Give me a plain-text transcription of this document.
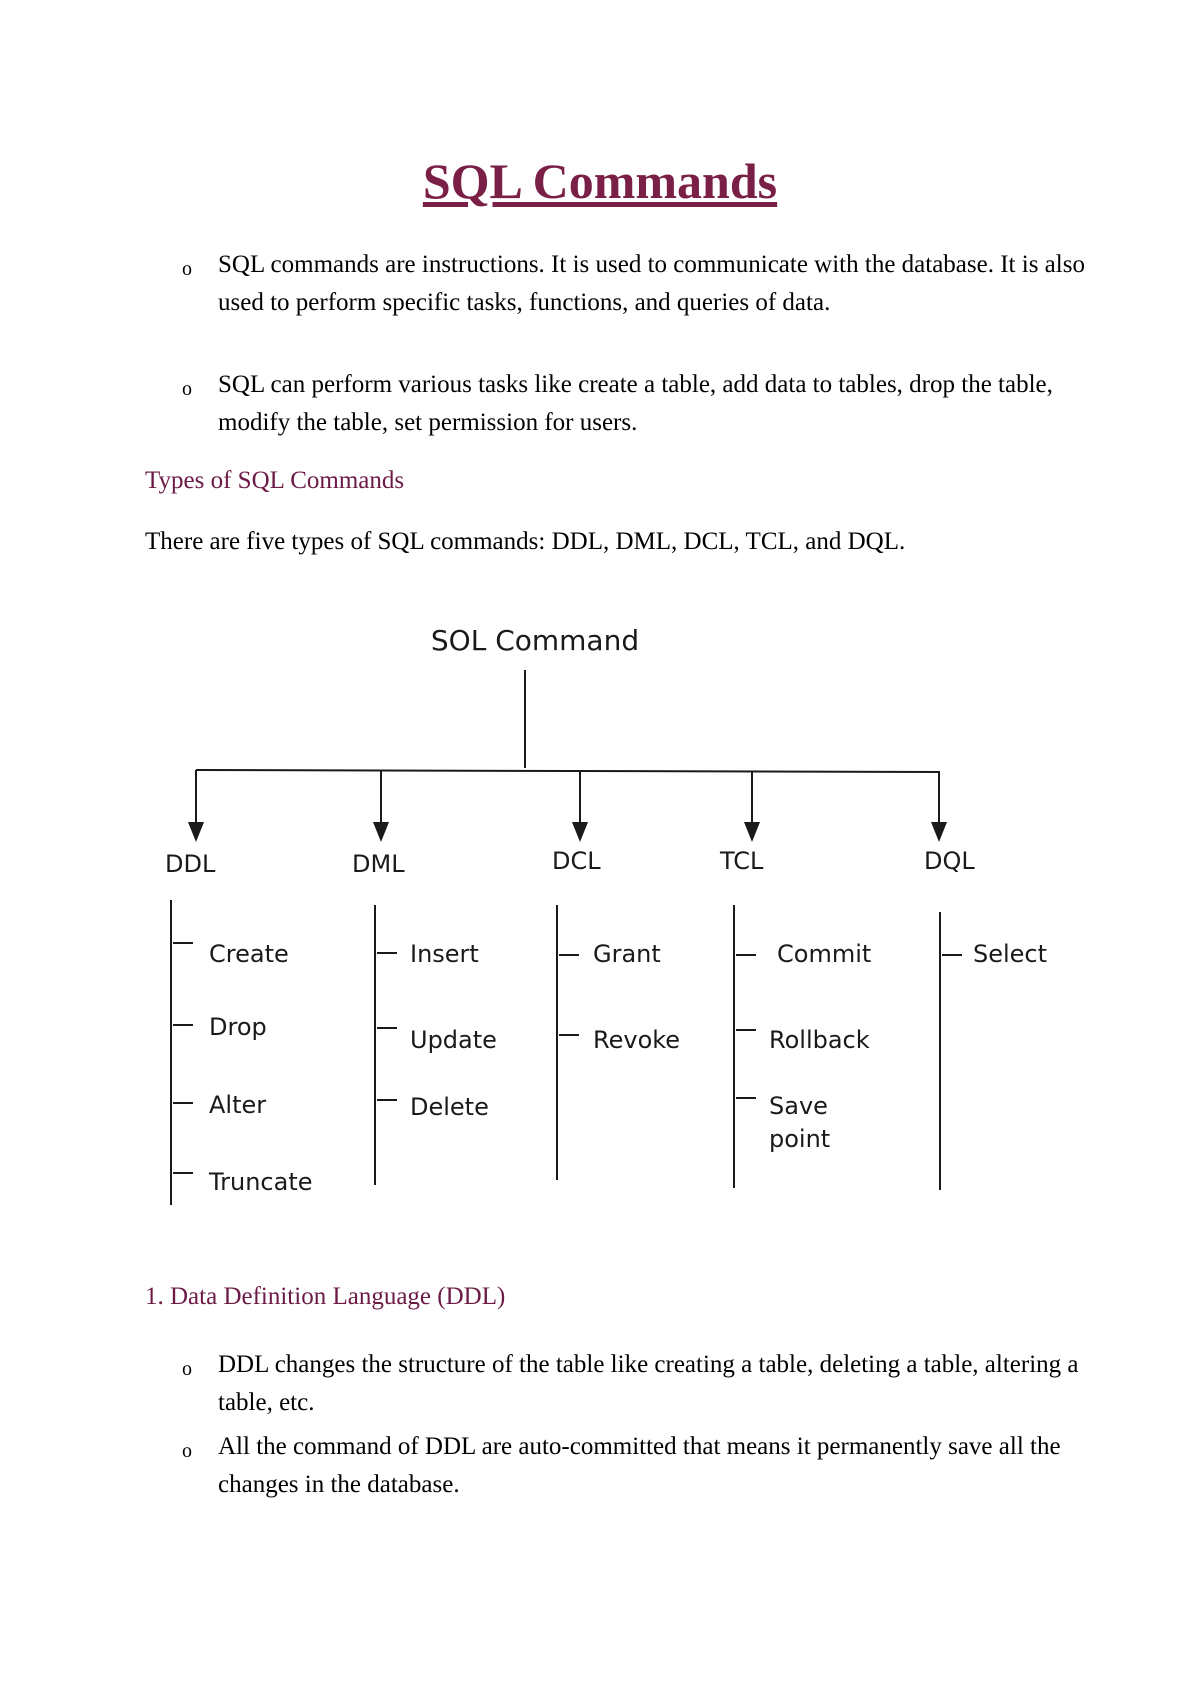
SQL Commands
o SQL commands are instructions. It is used to communicate with the database. It is also used to perform specific tasks, functions, and queries of data.

o SQL can perform various tasks like create a table, add data to tables, drop the table, modify the table, set permission for users.

Types of SQL Commands

There are five types of SQL commands: DDL, DML, DCL, TCL, and DQL.

SOL Command
DDL	DML	DCL	TCL	DQL
Create
Drop
Alter
Truncate
Insert
Update
Delete
Grant
Revoke
Commit
Rollback
Save
point
Select
1. Data Definition Language (DDL)
o DDL changes the structure of the table like creating a table, deleting a table, altering a table, etc.

o All the command of DDL are auto-committed that means it permanently save all the changes in the database.
